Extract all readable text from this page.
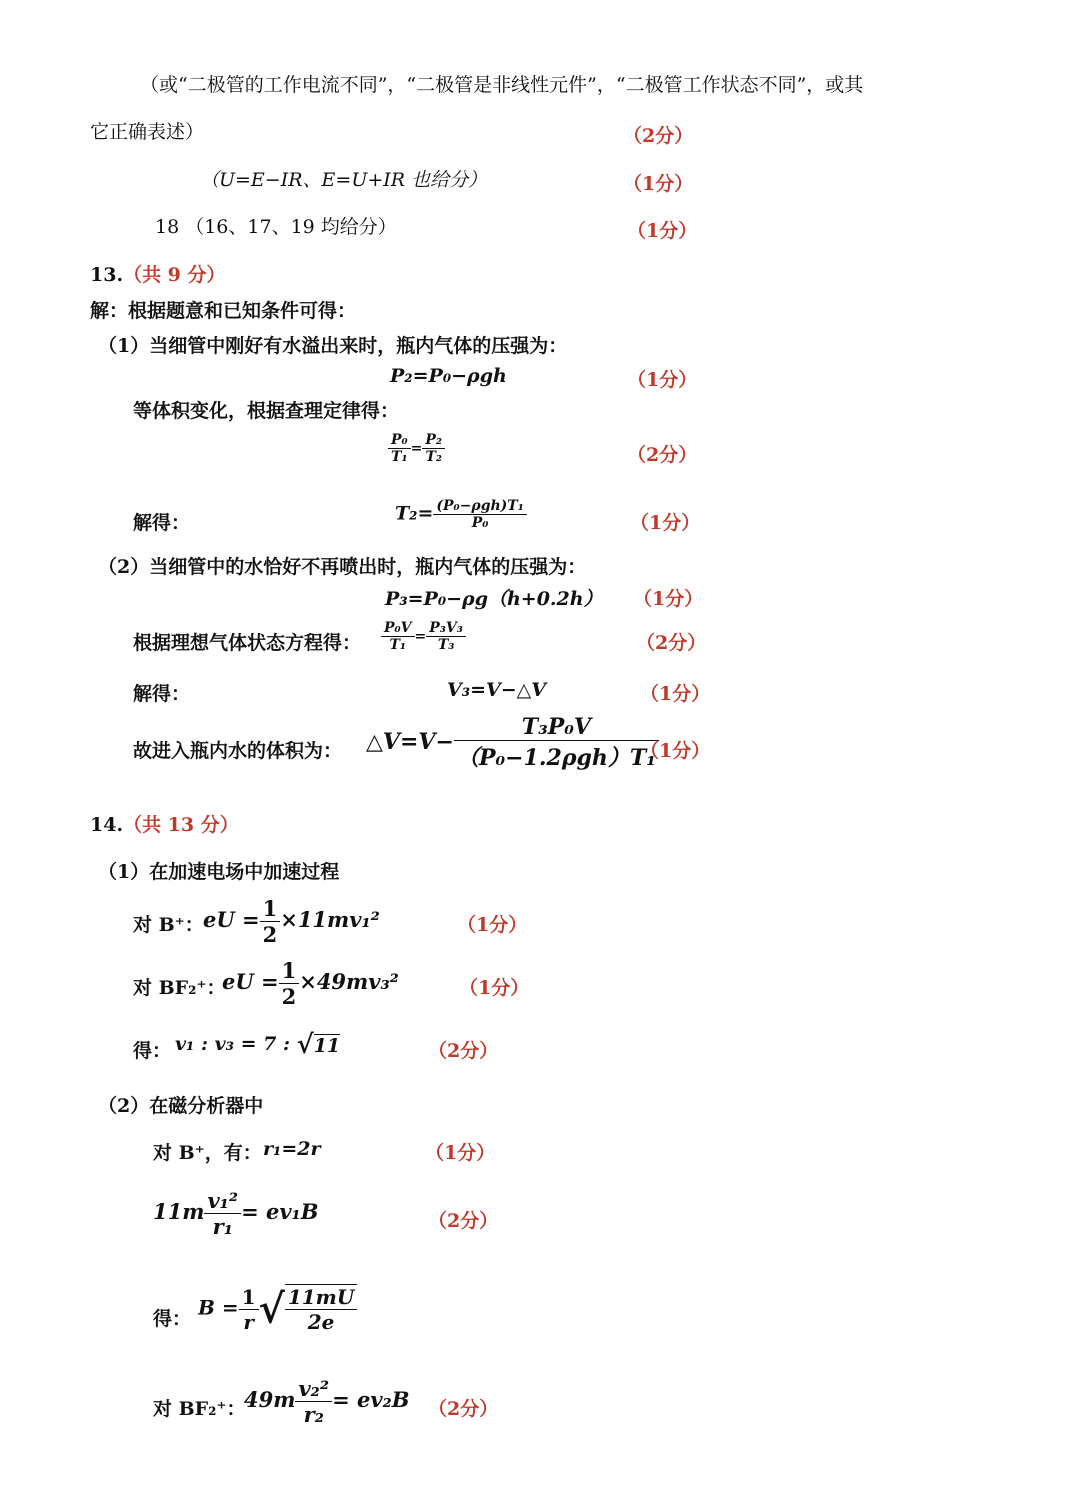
（或“二极管的工作电流不同”，“二极管是非线性元件”，“二极管工作状态不同”，或其
它正确表述）	（2分）
（U=E−IR、E=U+IR 也给分）	（1分）
18 （16、17、19 均给分）	（1分）
13.（共 9 分）
解：根据题意和已知条件可得：
（1）当细管中刚好有水溢出来时，瓶内气体的压强为：
P₂=P₀−ρgh	（1分）
等体积变化，根据查理定律得：
$\frac{\text{P₀}}{\text{T₁}} = \frac{\text{P₂}}{\text{T₂}}$	（2分）
解得：	$T_2= \frac{\text{(P₀−ρgh)T₁}}{\text{P₀}}$	（1分）
（2）当细管中的水恰好不再喷出时，瓶内气体的压强为：
P₃=P₀−ρg（h+0.2h） （1分）
根据理想气体状态方程得： $\frac{\text{P₀V}}{\text{T₁}} = \frac{\text{P₃V₃}}{\text{T₃}}$	（2分）
解得：	V₃=V−△V	（1分）
故进入瓶内水的体积为： △V=V− $\frac{\text{T₃P₀V}}{\text{（P₀−1.2ρgh）T₁}}$
（1分）
14.（共 13 分）
（1）在加速电场中加速过程
对 B⁺： eU = $\frac{1}{2} \times 11mv_1^2$	（1分）
对 BF₂⁺：
eU = $\frac{1}{2} \times 49mv_3^2$	（1分）
得： v₁ : v₃ = 7 : √11	（2分）
（2）在磁分析器中
对 B⁺，有： r₁=2r	（1分）
$11m \frac{\text{v₁²}}{\text{r₁}} = ev_1B$	（2分）
得： $B = \frac{1}{r}$ √ $\frac{11mU}{2e}$
对 BF₂⁺：
$49m \frac{\text{v₂²}}{\text{r₂}} = ev_2B$ （2分）
